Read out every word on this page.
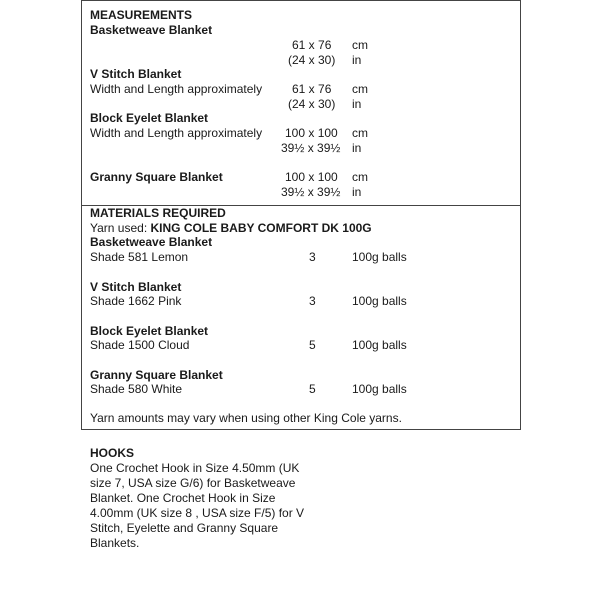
MEASUREMENTS
Basketweave Blanket
61 x 76 cm
(24 x 30) in
V Stitch Blanket
Width and Length approximately 61 x 76 cm
(24 x 30) in
Block Eyelet Blanket
Width and Length approximately 100 x 100 cm
39½ x 39½ in
Granny Square Blanket	100 x 100 cm
39½ x 39½ in
MATERIALS REQUIRED
Yarn used: KING COLE BABY COMFORT DK 100G
Basketweave Blanket
Shade 581 Lemon	3	100g balls
V Stitch Blanket
Shade 1662 Pink	3	100g balls
Block Eyelet Blanket
Shade 1500 Cloud	5	100g balls
Granny Square Blanket
Shade 580 White	5	100g balls
Yarn amounts may vary when using other King Cole yarns.
HOOKS
One Crochet Hook in Size 4.50mm (UK size 7, USA size G/6) for Basketweave Blanket. One Crochet Hook in Size 4.00mm (UK size 8 , USA size F/5) for V Stitch, Eyelette and Granny Square Blankets.
